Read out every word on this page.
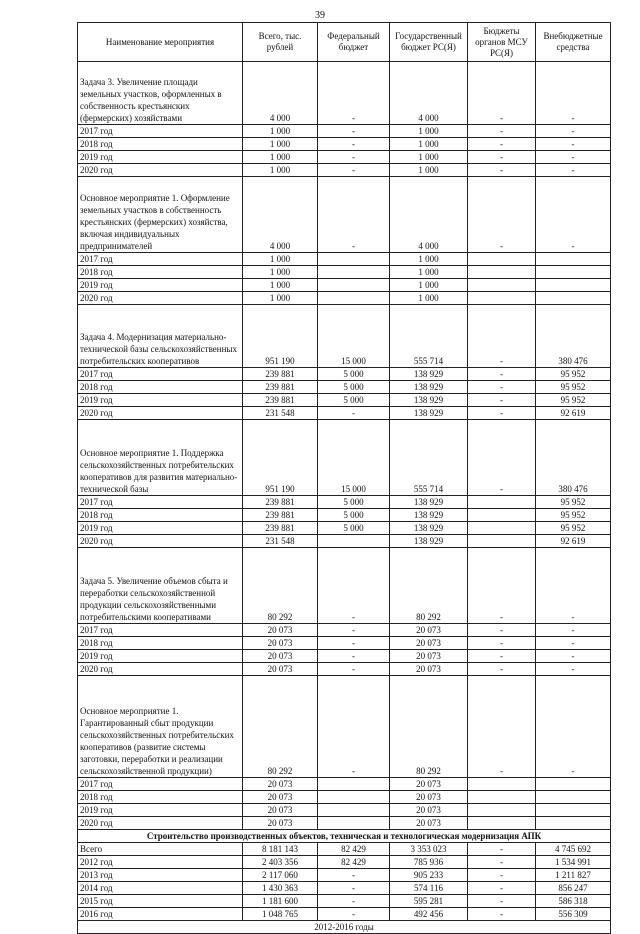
39
Наименование мероприятия	Всего, тыс. рублей	Федеральный бюджет	Государственный бюджет РС(Я)	Бюджеты органов МСУ РС(Я)	Внебюджетные средства
Задача 3. Увеличение площади земельных участков, оформленных в собственность крестьянских (фермерских) хозяйствами	4 000	-	4 000	-	-
2017 год	1 000	-	1 000	-	-
2018 год	1 000	-	1 000	-	-
2019 год	1 000	-	1 000	-	-
2020 год	1 000	-	1 000	-	-
Основное мероприятие 1. Оформление земельных участков в собственность крестьянских (фермерских) хозяйства, включая индивидуальных предпринимателей	4 000	-	4 000	-	-
2017 год	1 000		1 000		
2018 год	1 000		1 000		
2019 год	1 000		1 000		
2020 год	1 000		1 000		
Задача 4. Модернизация материально-технической базы сельскохозяйственных потребительских кооперативов	951 190	15 000	555 714	-	380 476
2017 год	239 881	5 000	138 929	-	95 952
2018 год	239 881	5 000	138 929	-	95 952
2019 год	239 881	5 000	138 929	-	95 952
2020 год	231 548	-	138 929	-	92 619
Основное мероприятие 1. Поддержка сельскохозяйственных потребительских кооперативов для развития материально-технической базы	951 190	15 000	555 714	-	380 476
2017 год	239 881	5 000	138 929		95 952
2018 год	239 881	5 000	138 929		95 952
2019 год	239 881	5 000	138 929		95 952
2020 год	231 548		138 929		92 619
Задача 5. Увеличение объемов сбыта и переработки сельскохозяйственной продукции сельскохозяйственными потребительскими кооперативами	80 292	-	80 292	-	-
2017 год	20 073	-	20 073	-	-
2018 год	20 073	-	20 073	-	-
2019 год	20 073	-	20 073	-	-
2020 год	20 073	-	20 073	-	-
Основное мероприятие 1. Гарантированный сбыт продукции сельскохозяйственных потребительских кооперативов (развитие системы заготовки, переработки и реализации сельскохозяйственной продукции)	80 292	-	80 292	-	-
2017 год	20 073		20 073		
2018 год	20 073		20 073		
2019 год	20 073		20 073		
2020 год	20 073		20 073		
Строительство производственных объектов, техническая и технологическая модернизация АПК					
Всего	8 181 143	82 429	3 353 023	-	4 745 692
2012 год	2 403 356	82 429	785 936	-	1 534 991
2013 год	2 117 060	-	905 233	-	1 211 827
2014 год	1 430 363	-	574 116	-	856 247
2015 год	1 181 600	-	595 281	-	586 318
2016 год	1 048 765	-	492 456	-	556 309
2012-2016 годы					
